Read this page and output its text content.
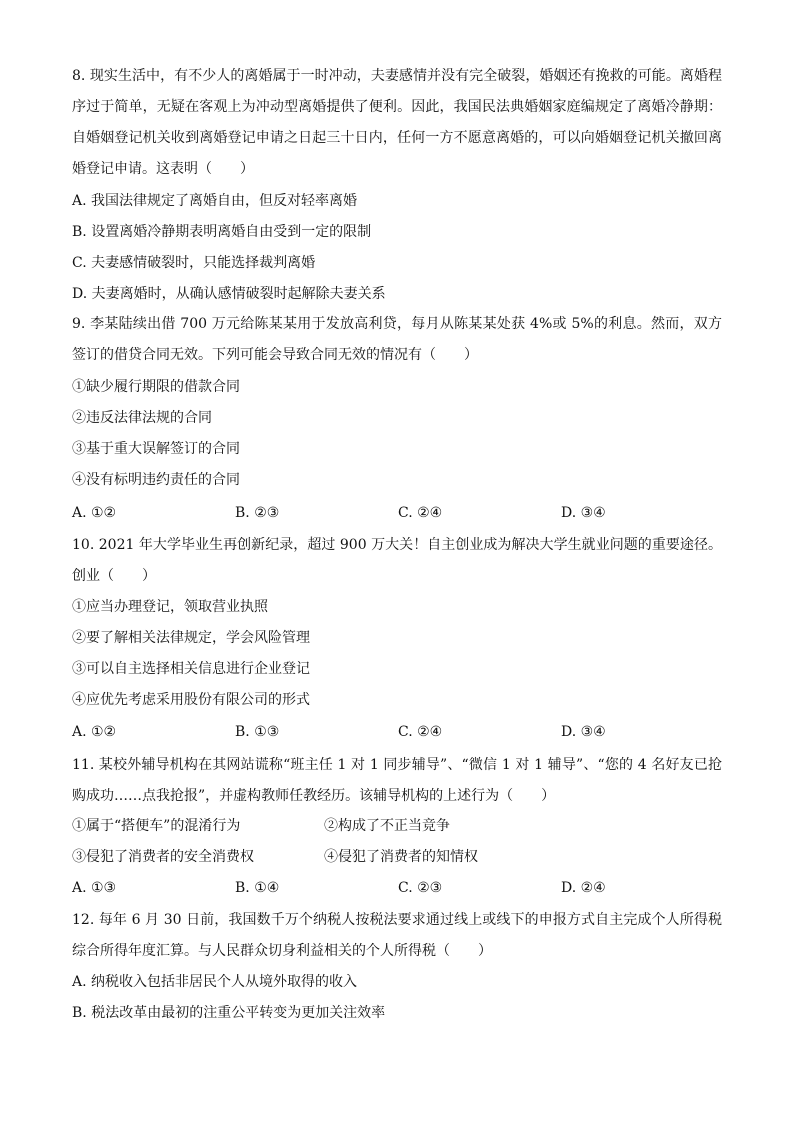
8. 现实生活中，有不少人的离婚属于一时冲动，夫妻感情并没有完全破裂，婚姻还有挽救的可能。离婚程序过于简单，无疑在客观上为冲动型离婚提供了便利。因此，我国民法典婚姻家庭编规定了离婚冷静期：自婚姻登记机关收到离婚登记申请之日起三十日内，任何一方不愿意离婚的，可以向婚姻登记机关撤回离婚登记申请。这表明（　　）

A. 我国法律规定了离婚自由，但反对轻率离婚
B. 设置离婚冷静期表明离婚自由受到一定的限制
C. 夫妻感情破裂时，只能选择裁判离婚
D. 夫妻离婚时，从确认感情破裂时起解除夫妻关系

9. 李某陆续出借 700 万元给陈某某用于发放高利贷，每月从陈某某处获 4%或 5%的利息。然而，双方签订的借贷合同无效。下列可能会导致合同无效的情况有（　　）

①缺少履行期限的借款合同
②违反法律法规的合同
③基于重大误解签订的合同
④没有标明违约责任的合同
A. ①②	B. ②③	C. ②④	D. ③④

10. 2021 年大学毕业生再创新纪录，超过 900 万大关！自主创业成为解决大学生就业问题的重要途径。创业（　　）

①应当办理登记，领取营业执照
②要了解相关法律规定，学会风险管理
③可以自主选择相关信息进行企业登记
④应优先考虑采用股份有限公司的形式
A. ①②	B. ①③	C. ②④	D. ③④

11. 某校外辅导机构在其网站谎称“班主任 1 对 1 同步辅导”、“微信 1 对 1 辅导”、“您的 4 名好友已抢购成功……点我抢报”，并虚构教师任教经历。该辅导机构的上述行为（　　）

①属于“搭便车”的混淆行为	②构成了不正当竞争
③侵犯了消费者的安全消费权	④侵犯了消费者的知情权
A. ①③	B. ①④	C. ②③	D. ②④

12. 每年 6 月 30 日前，我国数千万个纳税人按税法要求通过线上或线下的申报方式自主完成个人所得税综合所得年度汇算。与人民群众切身利益相关的个人所得税（　　）

A. 纳税收入包括非居民个人从境外取得的收入
B. 税法改革由最初的注重公平转变为更加关注效率
